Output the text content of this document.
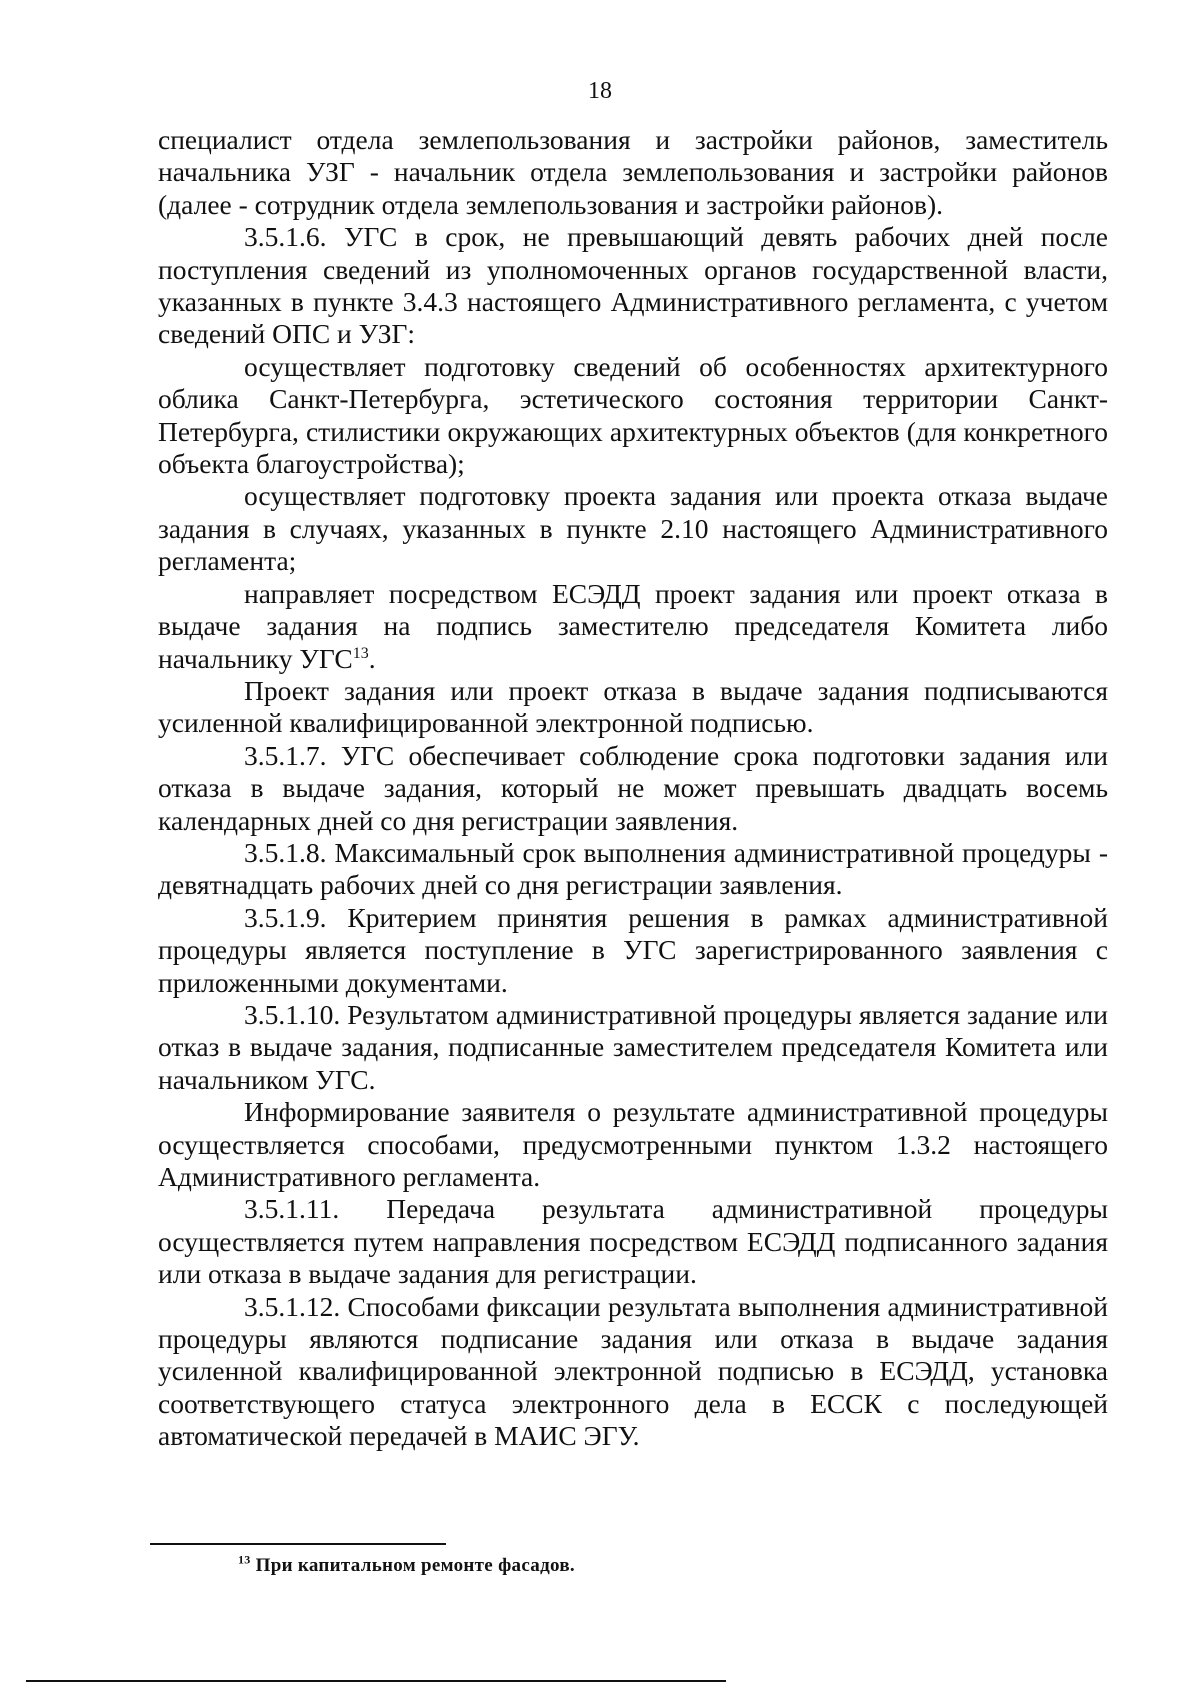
18

специалист отдела землепользования и застройки районов, заместитель начальника УЗГ - начальник отдела землепользования и застройки районов (далее - сотрудник отдела землепользования и застройки районов).

3.5.1.6. УГС в срок, не превышающий девять рабочих дней после поступления сведений из уполномоченных органов государственной власти, указанных в пункте 3.4.3 настоящего Административного регламента, с учетом сведений ОПС и УЗГ:

осуществляет подготовку сведений об особенностях архитектурного облика Санкт-Петербурга, эстетического состояния территории Санкт-Петербурга, стилистики окружающих архитектурных объектов (для конкретного объекта благоустройства);

осуществляет подготовку проекта задания или проекта отказа выдаче задания в случаях, указанных в пункте 2.10 настоящего Административного регламента;

направляет посредством ЕСЭДД проект задания или проект отказа в выдаче задания на подпись заместителю председателя Комитета либо начальнику УГС$^{13}$.

Проект задания или проект отказа в выдаче задания подписываются усиленной квалифицированной электронной подписью.

3.5.1.7. УГС обеспечивает соблюдение срока подготовки задания или отказа в выдаче задания, который не может превышать двадцать восемь календарных дней со дня регистрации заявления.

3.5.1.8. Максимальный срок выполнения административной процедуры - девятнадцать рабочих дней со дня регистрации заявления.

3.5.1.9. Критерием принятия решения в рамках административной процедуры является поступление в УГС зарегистрированного заявления с приложенными документами.

3.5.1.10. Результатом административной процедуры является задание или отказ в выдаче задания, подписанные заместителем председателя Комитета или начальником УГС.

Информирование заявителя о результате административной процедуры осуществляется способами, предусмотренными пунктом 1.3.2 настоящего Административного регламента.

3.5.1.11. Передача результата административной процедуры осуществляется путем направления посредством ЕСЭДД подписанного задания или отказа в выдаче задания для регистрации.

3.5.1.12. Способами фиксации результата выполнения административной процедуры являются подписание задания или отказа в выдаче задания усиленной квалифицированной электронной подписью в ЕСЭДД, установка соответствующего статуса электронного дела в ЕССК с последующей автоматической передачей в МАИС ЭГУ.

$^{13}$ При капитальном ремонте фасадов.
